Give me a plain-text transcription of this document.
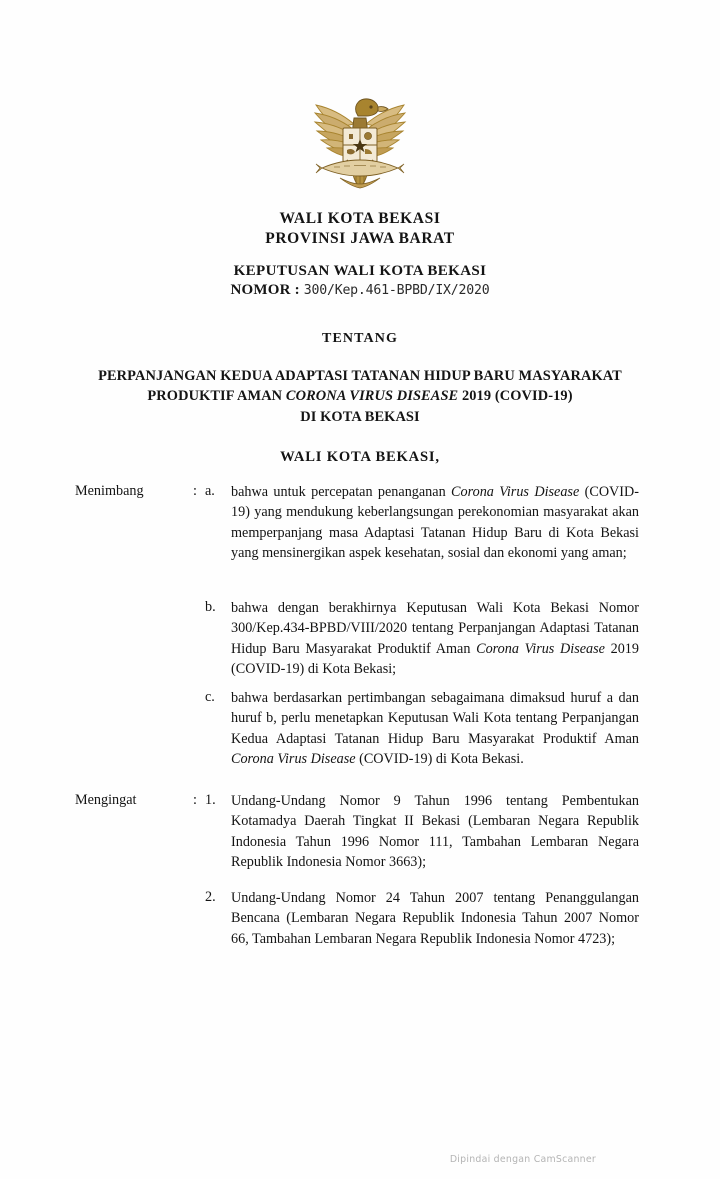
WALI KOTA BEKASI
PROVINSI JAWA BARAT
KEPUTUSAN WALI KOTA BEKASI
NOMOR : 300/Kep.461-BPBD/IX/2020
TENTANG
PERPANJANGAN KEDUA ADAPTASI TATANAN HIDUP BARU MASYARAKAT
PRODUKTIF AMAN CORONA VIRUS DISEASE 2019 (COVID-19)
DI KOTA BEKASI
WALI KOTA BEKASI,
Menimbang	: a.	bahwa untuk percepatan penanganan Corona Virus Disease (COVID-19) yang mendukung keberlangsungan perekonomian masyarakat akan memperpanjang masa Adaptasi Tatanan Hidup Baru di Kota Bekasi yang mensinergikan aspek kesehatan, sosial dan ekonomi yang aman;
b.	bahwa dengan berakhirnya Keputusan Wali Kota Bekasi Nomor 300/Kep.434-BPBD/VIII/2020 tentang Perpanjangan Adaptasi Tatanan Hidup Baru Masyarakat Produktif Aman Corona Virus Disease 2019 (COVID-19) di Kota Bekasi;
c.	bahwa berdasarkan pertimbangan sebagaimana dimaksud huruf a dan huruf b, perlu menetapkan Keputusan Wali Kota tentang Perpanjangan Kedua Adaptasi Tatanan Hidup Baru Masyarakat Produktif Aman Corona Virus Disease (COVID-19) di Kota Bekasi.
Mengingat	: 1.	Undang-Undang Nomor 9 Tahun 1996 tentang Pembentukan Kotamadya Daerah Tingkat II Bekasi (Lembaran Negara Republik Indonesia Tahun 1996 Nomor 111, Tambahan Lembaran Negara Republik Indonesia Nomor 3663);
2.	Undang-Undang Nomor 24 Tahun 2007 tentang Penanggulangan Bencana (Lembaran Negara Republik Indonesia Tahun 2007 Nomor 66, Tambahan Lembaran Negara Republik Indonesia Nomor 4723);
Dipindai dengan CamScanner
